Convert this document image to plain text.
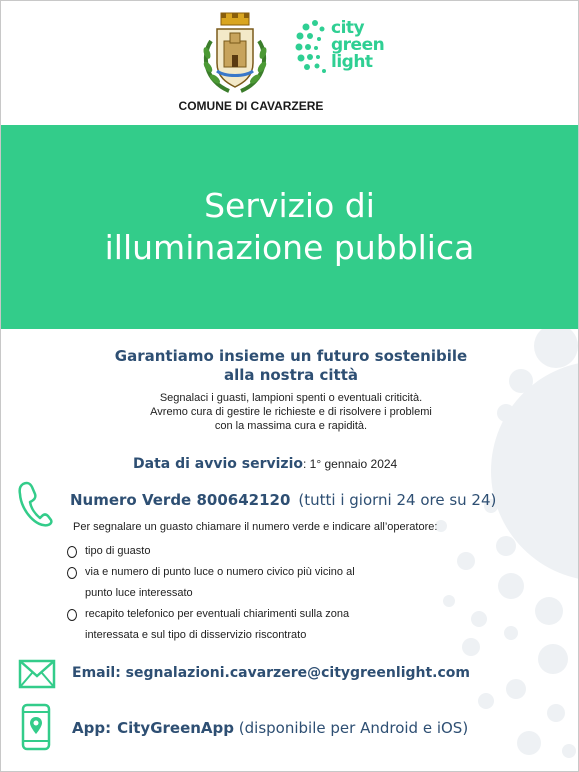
city
green
light
COMUNE DI CAVARZERE
Servizio di
illuminazione pubblica
Garantiamo insieme un futuro sostenibile
alla nostra città
Segnalaci i guasti, lampioni spenti o eventuali criticità.
Avremo cura di gestire le richieste e di risolvere i problemi
con la massima cura e rapidità.
Data di avvio servizio: 1° gennaio 2024
Numero Verde 800642120 (tutti i giorni 24 ore su 24)
Per segnalare un guasto chiamare il numero verde e indicare all’operatore:
tipo di guasto
via e numero di punto luce o numero civico più vicino al
punto luce interessato
recapito telefonico per eventuali chiarimenti sulla zona
interessata e sul tipo di disservizio riscontrato
Email: segnalazioni.cavarzere@citygreenlight.com
App: CityGreenApp (disponibile per Android e iOS)
